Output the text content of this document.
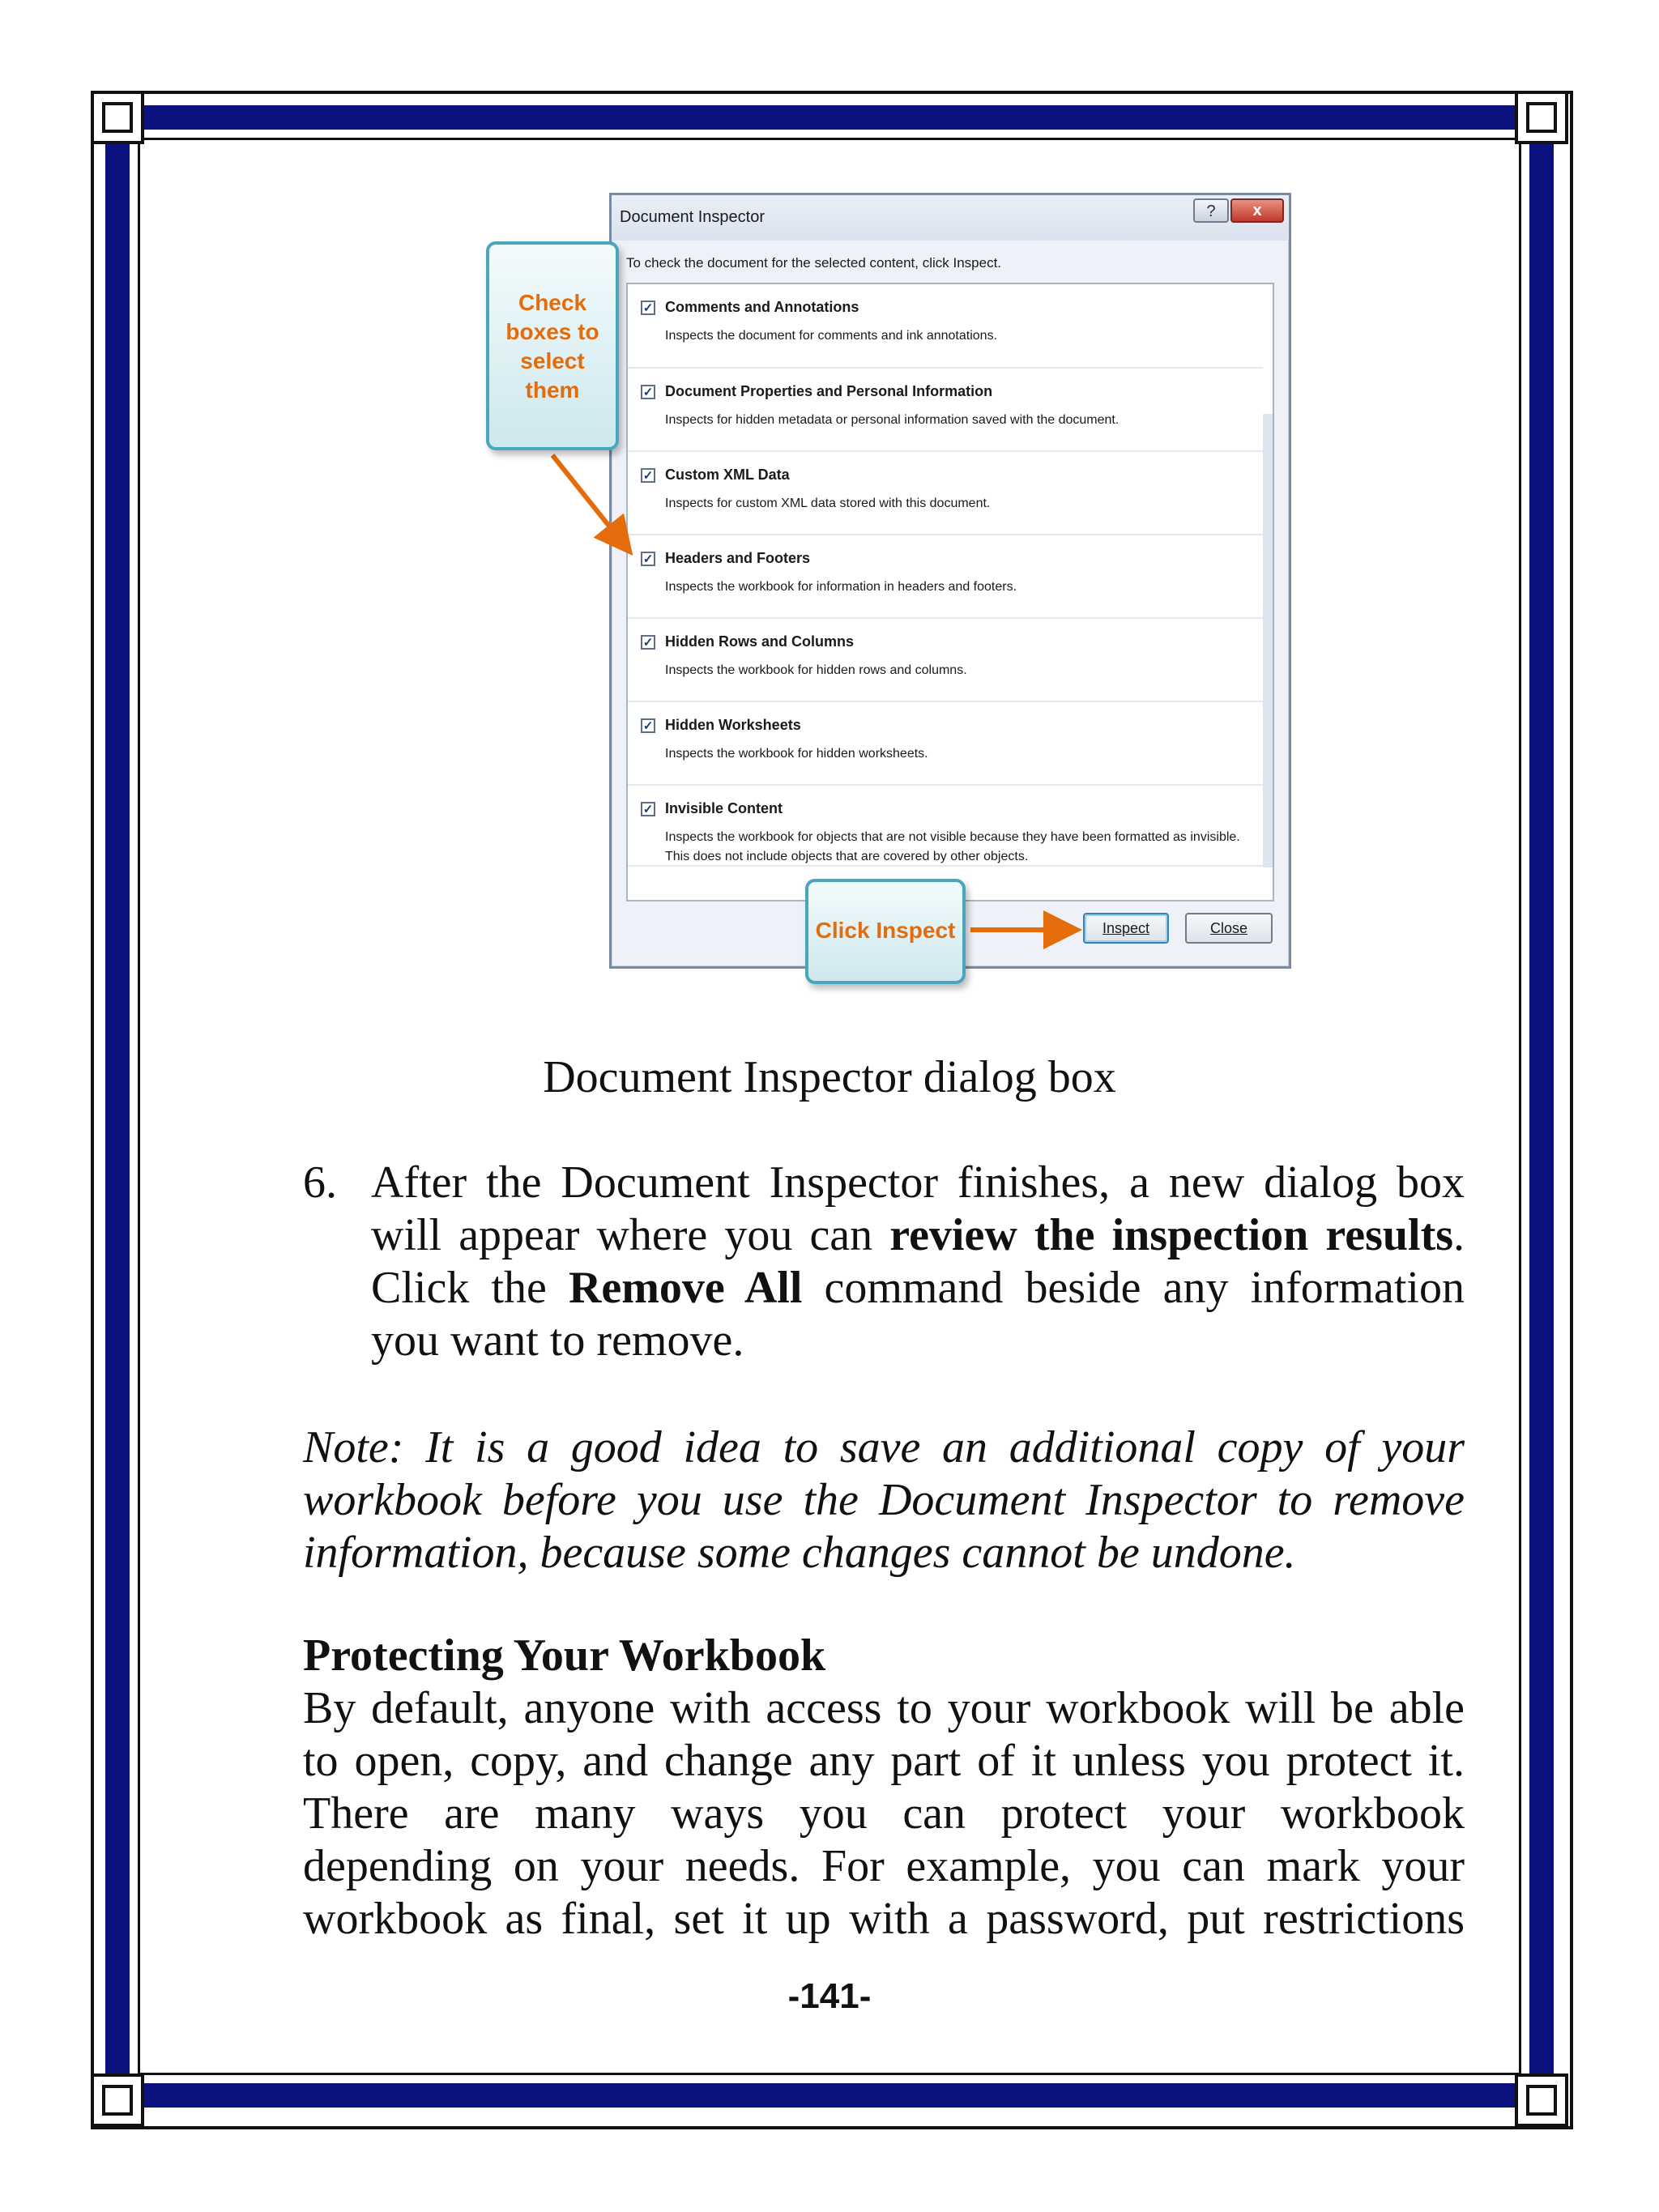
Document Inspector	?	x
To check the document for the selected content, click Inspect.
✓ Comments and Annotations
Inspects the document for comments and ink annotations.
✓ Document Properties and Personal Information
Inspects for hidden metadata or personal information saved with the document.
✓ Custom XML Data
Inspects for custom XML data stored with this document.
✓ Headers and Footers
Inspects the workbook for information in headers and footers.
✓ Hidden Rows and Columns
Inspects the workbook for hidden rows and columns.
✓ Hidden Worksheets
Inspects the workbook for hidden worksheets.
✓ Invisible Content
Inspects the workbook for objects that are not visible because they have been formatted as invisible. This does not include objects that are covered by other objects.
Inspect	Close
Check
boxes to
select
them
Click Inspect
Document Inspector dialog box
6. After the Document Inspector finishes, a new dialog box will appear where you can review the inspection results. Click the Remove All command beside any information you want to remove.
Note: It is a good idea to save an additional copy of your workbook before you use the Document Inspector to remove information, because some changes cannot be undone.
Protecting Your Workbook
By default, anyone with access to your workbook will be able to open, copy, and change any part of it unless you protect it. There are many ways you can protect your workbook depending on your needs. For example, you can mark your workbook as final, set it up with a password, put restrictions
-141-
